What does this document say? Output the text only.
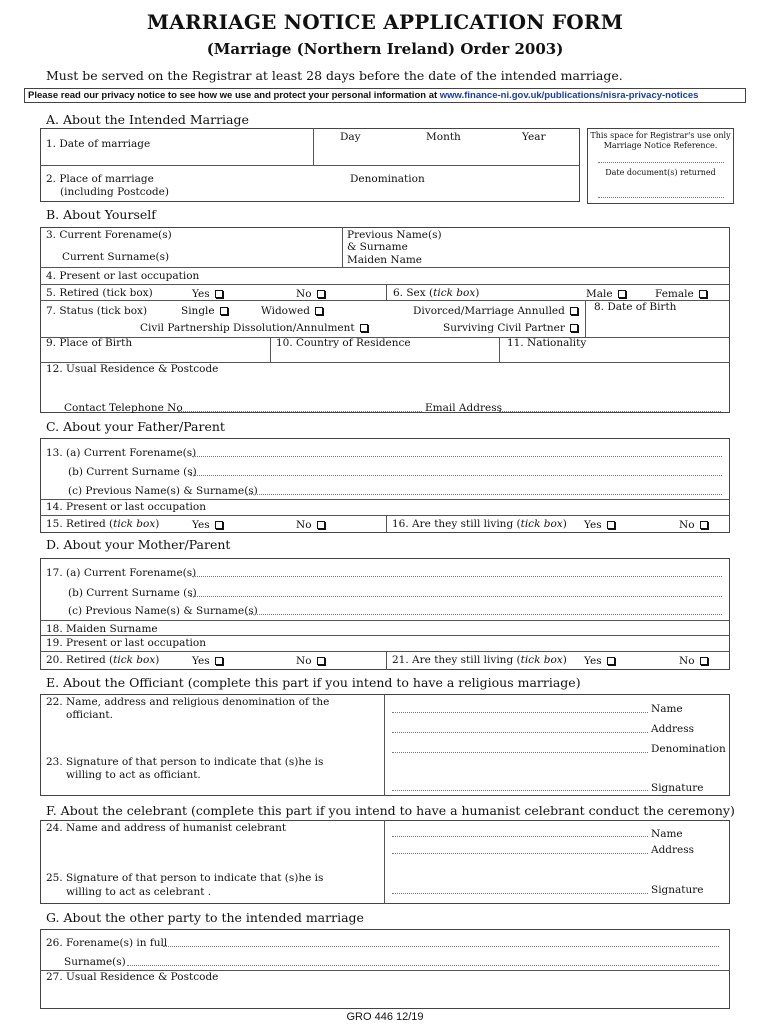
MARRIAGE NOTICE APPLICATION FORM
(Marriage (Northern Ireland) Order 2003)
Must be served on the Registrar at least 28 days before the date of the intended marriage.
Please read our privacy notice to see how we use and protect your personal information at www.finance-ni.gov.uk/publications/nisra-privacy-notices
A. About the Intended Marriage
1. Date of marriage
Day	Month	Year
2. Place of marriage
(including Postcode)
Denomination
This space for Registrar's use only
Marriage Notice Reference.
Date document(s) returned
B. About Yourself
3. Current Forename(s)
Current Surname(s)
Previous Name(s)
& Surname
Maiden Name
4. Present or last occupation
5. Retired (tick box)	Yes	No	6. Sex (tick box)	Male	Female
7. Status (tick box)	Single	Widowed	Divorced/Marriage Annulled	8. Date of Birth
Civil Partnership Dissolution/Annulment	Surviving Civil Partner
9. Place of Birth	10. Country of Residence	11. Nationality
12. Usual Residence & Postcode
Contact Telephone No	Email Address
C. About your Father/Parent
13. (a) Current Forename(s)
(b) Current Surname (s)
(c) Previous Name(s) & Surname(s)
14. Present or last occupation
15. Retired (tick box)	Yes	No	16. Are they still living (tick box) Yes	No
D. About your Mother/Parent
17. (a) Current Forename(s)
(b) Current Surname (s)
(c) Previous Name(s) & Surname(s)
18. Maiden Surname
19. Present or last occupation
20. Retired (tick box)	Yes	No	21. Are they still living (tick box) Yes	No
E. About the Officiant (complete this part if you intend to have a religious marriage)
22. Name, address and religious denomination of the
officiant.
23. Signature of that person to indicate that (s)he is
willing to act as officiant.
Name
Address
Denomination
Signature
F. About the celebrant (complete this part if you intend to have a humanist celebrant conduct the ceremony)
24. Name and address of humanist celebrant
25. Signature of that person to indicate that (s)he is
willing to act as celebrant .
Name
Address
Signature
G. About the other party to the intended marriage
26. Forename(s) in full
Surname(s)
27. Usual Residence & Postcode
GRO 446 12/19
